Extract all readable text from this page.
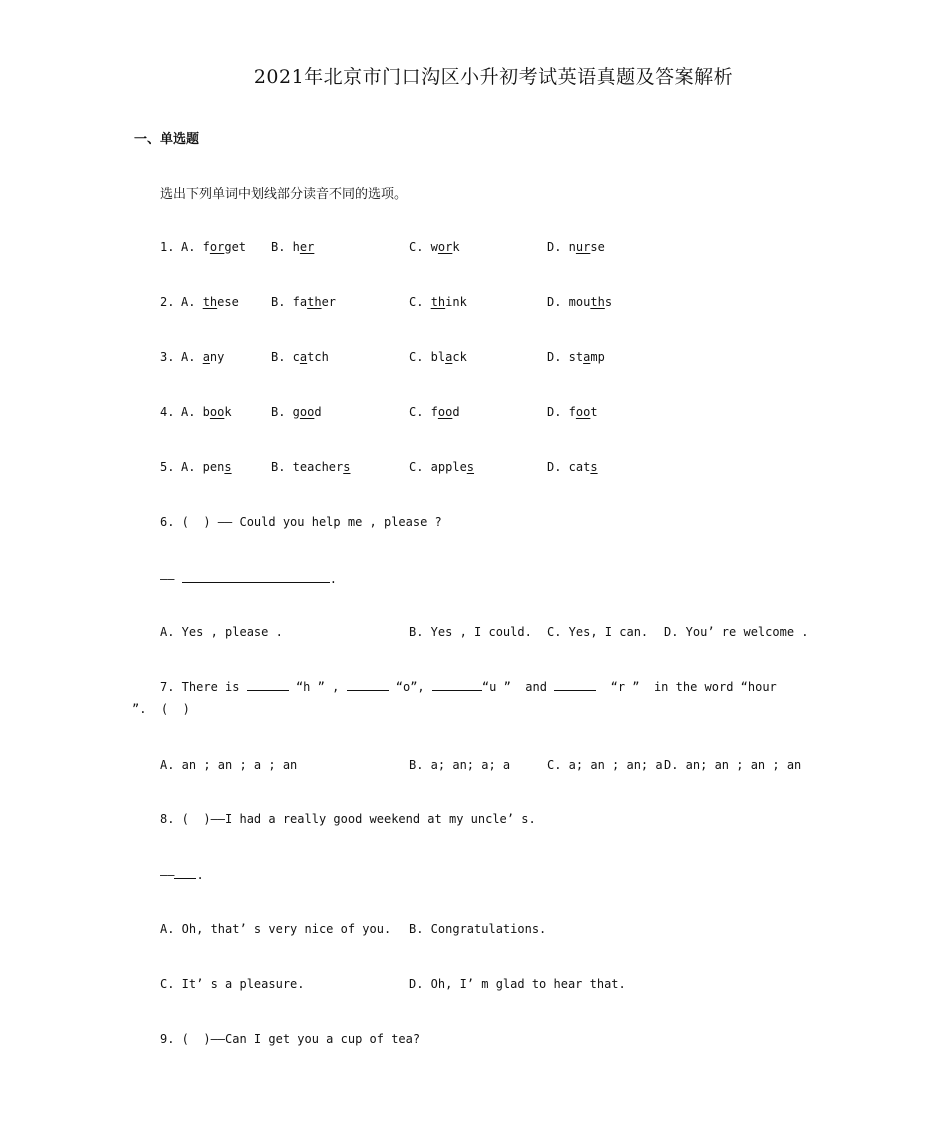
2021年北京市门口沟区小升初考试英语真题及答案解析
一、单选题
选出下列单词中划线部分读音不同的选项。
1. A. forget B. her	C. work	D. nurse
2. A. these	B. father	C. think	D. mouths
3. A. any	B. catch	C. black	D. stamp
4. A. book	B. good	C. food	D. foot
5. A. pens	B. teachers	C. apples	D. cats
6. (  ) —— Could you help me , please ?
——	.
A. Yes , please .	B. Yes , I could. C. Yes, I can. D. You’ re welcome .
7. There is	“h ” ,	“o”,	“u ”  and	“r ”  in the word “hour
”.  (  )
A. an ; an ; a ; an	B. a; an; a; a	C. a; an ; an; a D. an; an ; an ; an
8. (  )——I had a really good weekend at my uncle’ s.
—— .
A. Oh, that’ s very nice of you. B. Congratulations.
C. It’ s a pleasure.	D. Oh, I’ m glad to hear that.
9. (  )——Can I get you a cup of tea?
